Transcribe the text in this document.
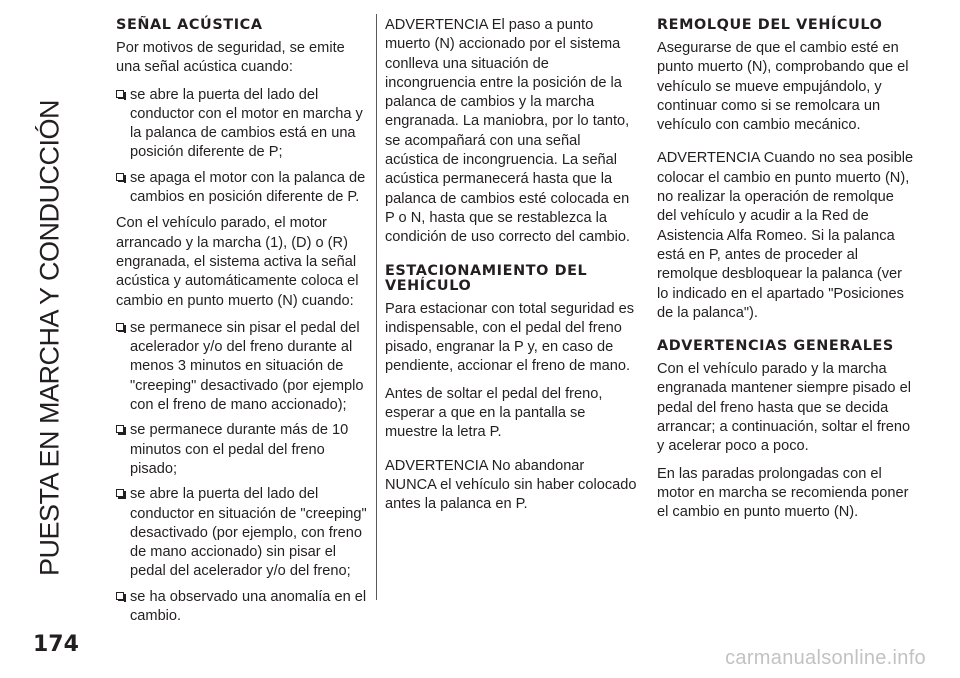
PUESTA EN MARCHA Y CONDUCCIÓN
SEÑAL ACÚSTICA

Por motivos de seguridad, se emite una señal acústica cuando:

se abre la puerta del lado del conductor con el motor en marcha y la palanca de cambios está en una posición diferente de P;
se apaga el motor con la palanca de cambios en posición diferente de P.

Con el vehículo parado, el motor arrancado y la marcha (1), (D) o (R) engranada, el sistema activa la señal acústica y automáticamente coloca el cambio en punto muerto (N) cuando:

se permanece sin pisar el pedal del acelerador y/o del freno durante al menos 3 minutos en situación de "creeping" desactivado (por ejemplo con el freno de mano accionado);
se permanece durante más de 10 minutos con el pedal del freno pisado;
se abre la puerta del lado del conductor en situación de "creeping" desactivado (por ejemplo, con freno de mano accionado) sin pisar el pedal del acelerador y/o del freno;
se ha observado una anomalía en el cambio.

ADVERTENCIA El paso a punto muerto (N) accionado por el sistema conlleva una situación de incongruencia entre la posición de la palanca de cambios y la marcha engranada. La maniobra, por lo tanto, se acompañará con una señal acústica de incongruencia. La señal acústica permanecerá hasta que la palanca de cambios esté colocada en P o N, hasta que se restablezca la condición de uso correcto del cambio.

ESTACIONAMIENTO DEL VEHÍCULO

Para estacionar con total seguridad es indispensable, con el pedal del freno pisado, engranar la P y, en caso de pendiente, accionar el freno de mano.

Antes de soltar el pedal del freno, esperar a que en la pantalla se muestre la letra P.

ADVERTENCIA No abandonar NUNCA el vehículo sin haber colocado antes la palanca en P.

REMOLQUE DEL VEHÍCULO

Asegurarse de que el cambio esté en punto muerto (N), comprobando que el vehículo se mueve empujándolo, y continuar como si se remolcara un vehículo con cambio mecánico.

ADVERTENCIA Cuando no sea posible colocar el cambio en punto muerto (N), no realizar la operación de remolque del vehículo y acudir a la Red de Asistencia Alfa Romeo. Si la palanca está en P, antes de proceder al remolque desbloquear la palanca (ver lo indicado en el apartado "Posiciones de la palanca").

ADVERTENCIAS GENERALES

Con el vehículo parado y la marcha engranada mantener siempre pisado el pedal del freno hasta que se decida arrancar; a continuación, soltar el freno y acelerar poco a poco.

En las paradas prolongadas con el motor en marcha se recomienda poner el cambio en punto muerto (N).

174
carmanualsonline.info
